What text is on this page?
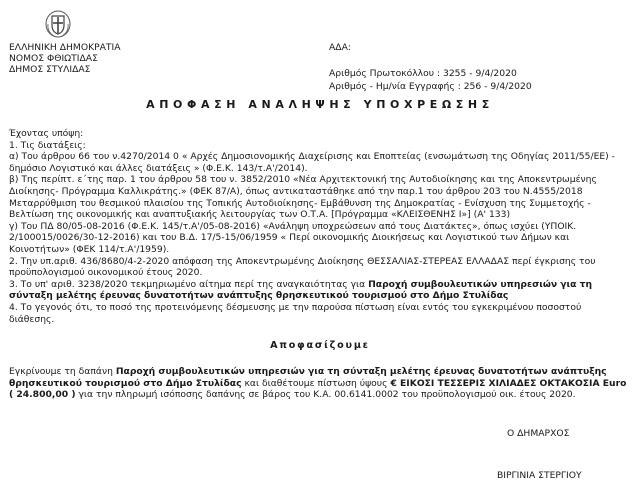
ΕΛΛΗΝΙΚΗ ΔΗΜΟΚΡΑΤΙΑ
ΝΟΜΟΣ ΦΘΙΩΤΙΔΑΣ
ΔΗΜΟΣ ΣΤΥΛΙΔΑΣ
ΑΔΑ:
Αριθμός Πρωτοκόλλου : 3255 - 9/4/2020
Αριθμός - Ημ/νία Εγγραφής : 256 - 9/4/2020
ΑΠΟΦΑΣΗ ΑΝΑΛΗΨΗΣ ΥΠΟΧΡΕΩΣΗΣ

Έχοντας υπόψη:

1. Τις διατάξεις:

α) Του άρθρου 66 του ν.4270/2014 0 « Αρχές Δημοσιονομικής Διαχείρισης και Εποπτείας (ενσωμάτωση της Οδηγίας 2011/55/ΕΕ) - δημόσιο Λογιστικό και άλλες διατάξεις » (Φ.Ε.Κ. 143/τ.Α'/2014).

β) Της περίπτ. ε΄της παρ. 1 του άρθρου 58 του ν. 3852/2010 «Νέα Αρχιτεκτονική της Αυτοδιοίκησης και της Αποκεντρωμένης Διοίκησης- Πρόγραμμα Καλλικράτης.» (ΦΕΚ 87/Α), όπως αντικαταστάθηκε από την παρ.1 του άρθρου 203 του Ν.4555/2018 Μεταρρύθμιση του θεσμικού πλαισίου της Τοπικής Αυτοδιοίκησης- Εμβάθυνση της Δημοκρατίας - Ενίσχυση της Συμμετοχής - Βελτίωση της οικονομικής και αναπτυξιακής λειτουργίας των Ο.Τ.Α. [Πρόγραμμα «ΚΛΕΙΣΘΕΝΗΣ Ι»] (Α' 133)

γ) Του ΠΔ 80/05-08-2016 (Φ.Ε.Κ. 145/τ.Α'/05-08-2016) «Ανάληψη υποχρεώσεων από τους Διατάκτες», όπως ισχύει (ΥΠΟΙΚ. 2/100015/0026/30-12-2016) και του Β.Δ. 17/5-15/06/1959 « Περί οικονομικής Διοικήσεως και Λογιστικού των Δήμων και Κοινοτήτων» (ΦΕΚ 114/τ.Α'/1959).

2. Την υπ.αριθ. 436/8680/4-2-2020 απόφαση της Αποκεντρωμένης Διοίκησης ΘΕΣΣΑΛΙΑΣ-ΣΤΕΡΕΑΣ ΕΛΛΑΔΑΣ περί έγκρισης του προϋπολογισμού οικονομικού έτους 2020.

3. Το υπ' αριθ. 3238/2020 τεκμηριωμένο αίτημα περί της αναγκαιότητας για Παροχή συμβουλευτικών υπηρεσιών για τη σύνταξη μελέτης έρευνας δυνατοτήτων ανάπτυξης θρησκευτικού τουρισμού στο Δήμο Στυλίδας

4. Το γεγονός ότι, το ποσό της προτεινόμενης δέσμευσης με την παρούσα πίστωση είναι εντός του εγκεκριμένου ποσοστού διάθεσης.

Αποφασίζουμε
Εγκρίνουμε τη δαπάνη Παροχή συμβουλευτικών υπηρεσιών για τη σύνταξη μελέτης έρευνας δυνατοτήτων ανάπτυξης θρησκευτικού τουρισμού στο Δήμο Στυλίδας και διαθέτουμε πίστωση ύψους € ΕΙΚΟΣΙ ΤΕΣΣΕΡΙΣ ΧΙΛΙΑΔΕΣ ΟΚΤΑΚΟΣΙΑ Euro ( 24.800,00 ) για την πληρωμή ισόποσης δαπάνης σε βάρος του Κ.Α. 00.6141.0002 του προϋπολογισμού οικ. έτους 2020.
Ο ΔΗΜΑΡΧΟΣ
ΒΙΡΓΙΝΙΑ ΣΤΕΡΓΙΟΥ
